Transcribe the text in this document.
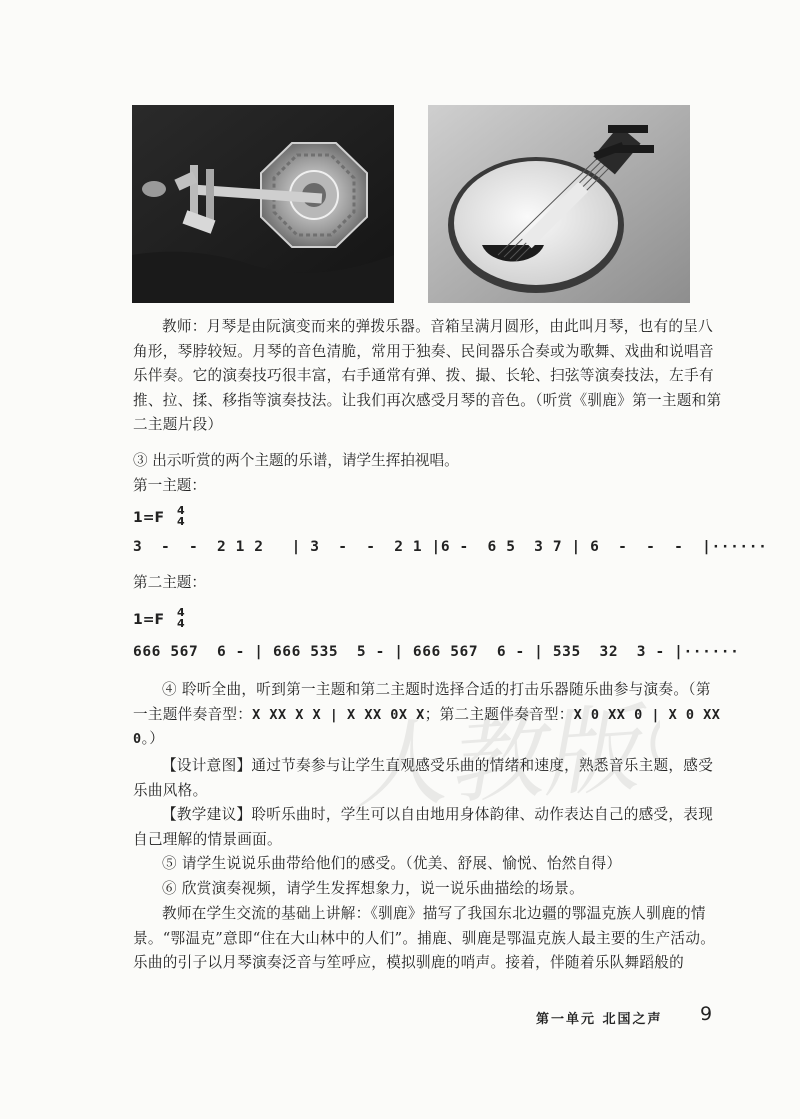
教师：月琴是由阮演变而来的弹拨乐器。音箱呈满月圆形，由此叫月琴，也有的呈八角形，琴脖较短。月琴的音色清脆，常用于独奏、民间器乐合奏或为歌舞、戏曲和说唱音乐伴奏。它的演奏技巧很丰富，右手通常有弹、拨、撮、长轮、扫弦等演奏技法，左手有推、拉、揉、移指等演奏技法。让我们再次感受月琴的音色。（听赏《驯鹿》第一主题和第二主题片段）

③ 出示听赏的两个主题的乐谱，请学生挥拍视唱。
第一主题：
1=F 4
4
3  -  -  2 1 2   | 3  -  -  2 1 |6 -  6 5  3 7 | 6  -  -  -  |······
第二主题：
1=F 4
4
666 567  6 - | 666 535  5 - | 666 567  6 - | 535  32  3 - |······

④ 聆听全曲，听到第一主题和第二主题时选择合适的打击乐器随乐曲参与演奏。（第一主题伴奏音型：X XX X X | X XX 0X X；第二主题伴奏音型：X 0 XX 0 | X 0 XX 0。）

【设计意图】通过节奏参与让学生直观感受乐曲的情绪和速度，熟悉音乐主题，感受乐曲风格。

【教学建议】聆听乐曲时，学生可以自由地用身体韵律、动作表达自己的感受，表现自己理解的情景画面。

⑤ 请学生说说乐曲带给他们的感受。（优美、舒展、愉悦、怡然自得）

⑥ 欣赏演奏视频，请学生发挥想象力，说一说乐曲描绘的场景。

教师在学生交流的基础上讲解：《驯鹿》描写了我国东北边疆的鄂温克族人驯鹿的情景。“鄂温克”意即“住在大山林中的人们”。捕鹿、驯鹿是鄂温克族人最主要的生产活动。乐曲的引子以月琴演奏泛音与笙呼应，模拟驯鹿的哨声。接着，伴随着乐队舞蹈般的

人教版®
第一单元 北国之声 9
